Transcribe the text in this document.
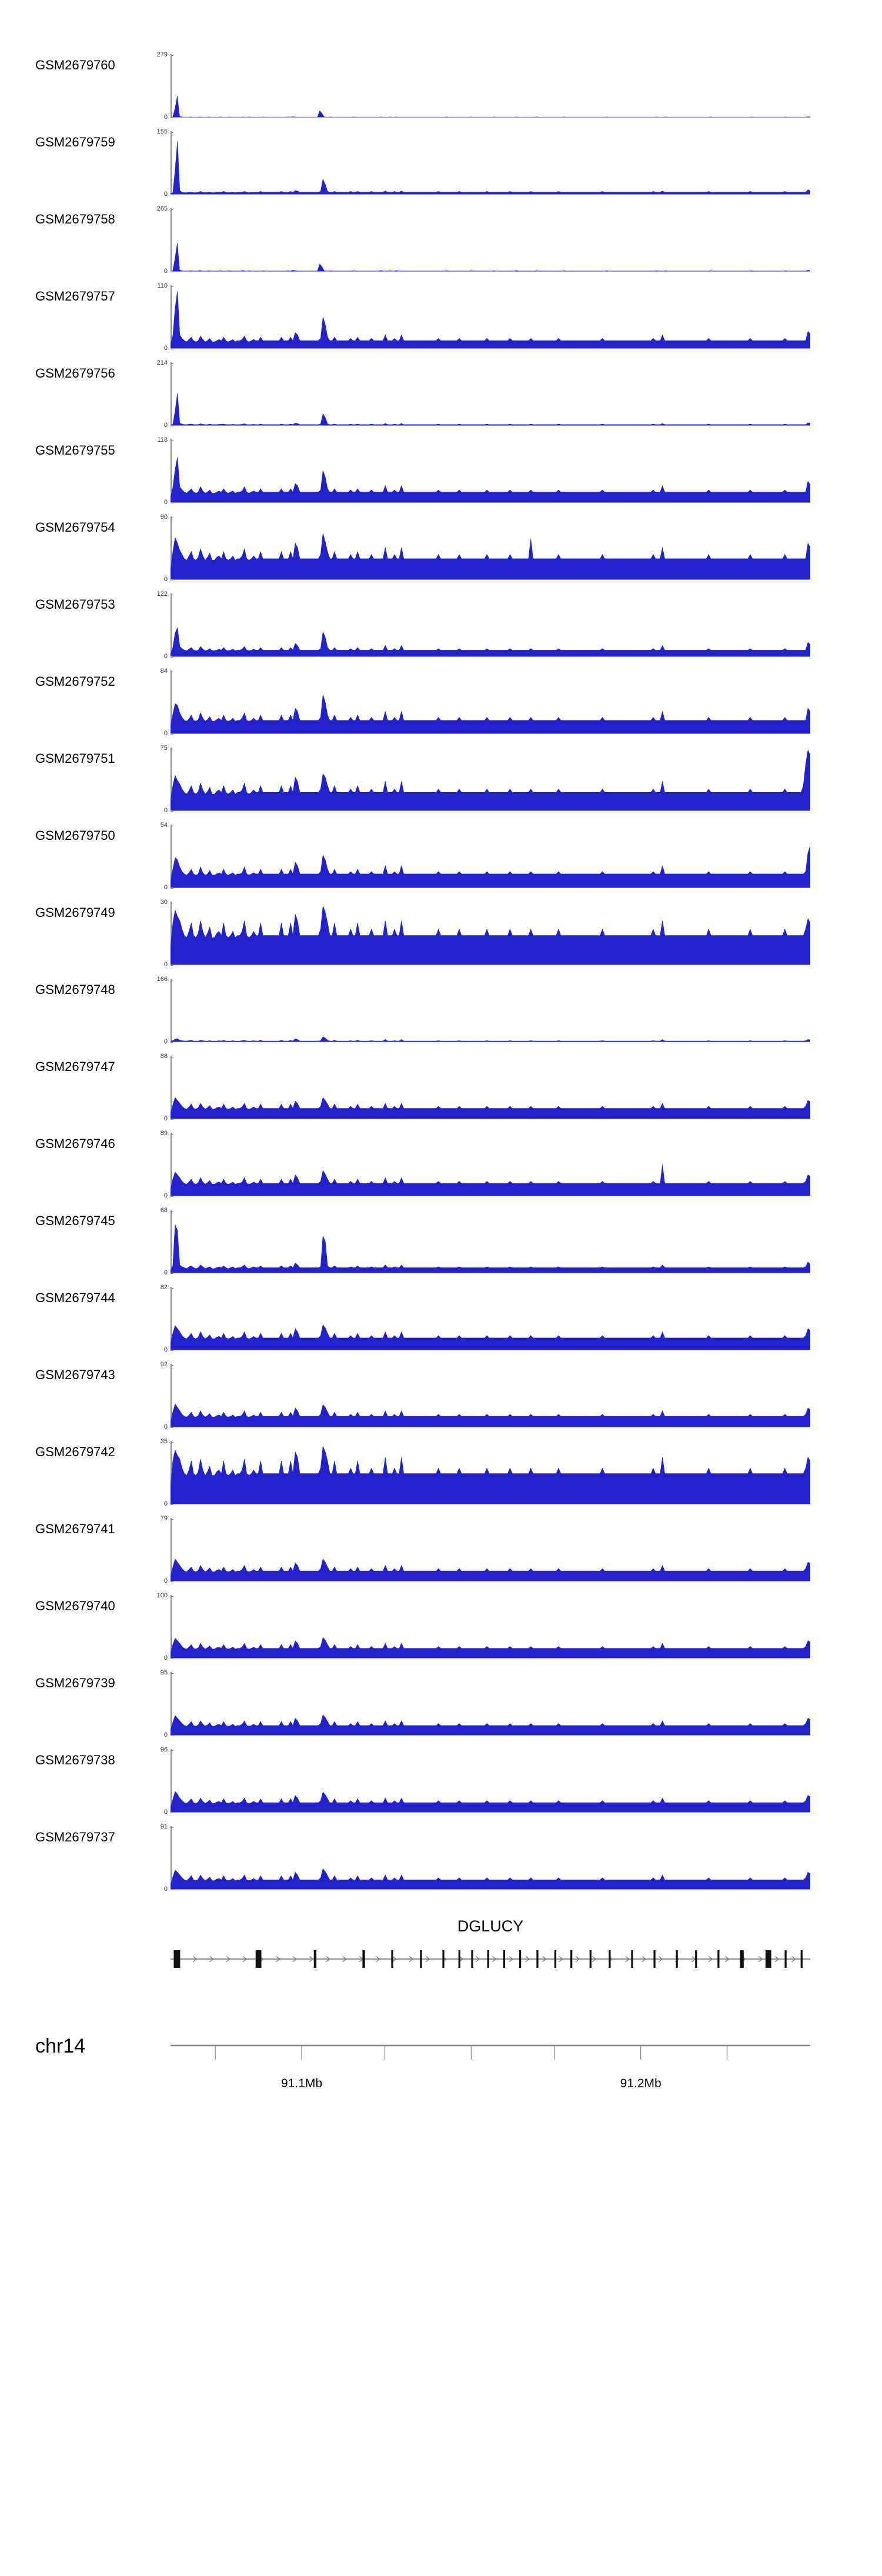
GSM2679760
279
0
GSM2679759
155
0
GSM2679758
265
0
GSM2679757
110
0
GSM2679756
214
0
GSM2679755
118
0
GSM2679754
90
0
GSM2679753
122
0
GSM2679752
84
0
GSM2679751
75
0
GSM2679750
54
0
GSM2679749
30
0
GSM2679748
166
0
GSM2679747
88
0
GSM2679746
89
0
GSM2679745
68
0
GSM2679744
82
0
GSM2679743
92
0
GSM2679742
35
0
GSM2679741
79
0
GSM2679740
100
0
GSM2679739
95
0
GSM2679738
96
0
GSM2679737
91
0
DGLUCY
chr14
91.1Mb	91.2Mb
